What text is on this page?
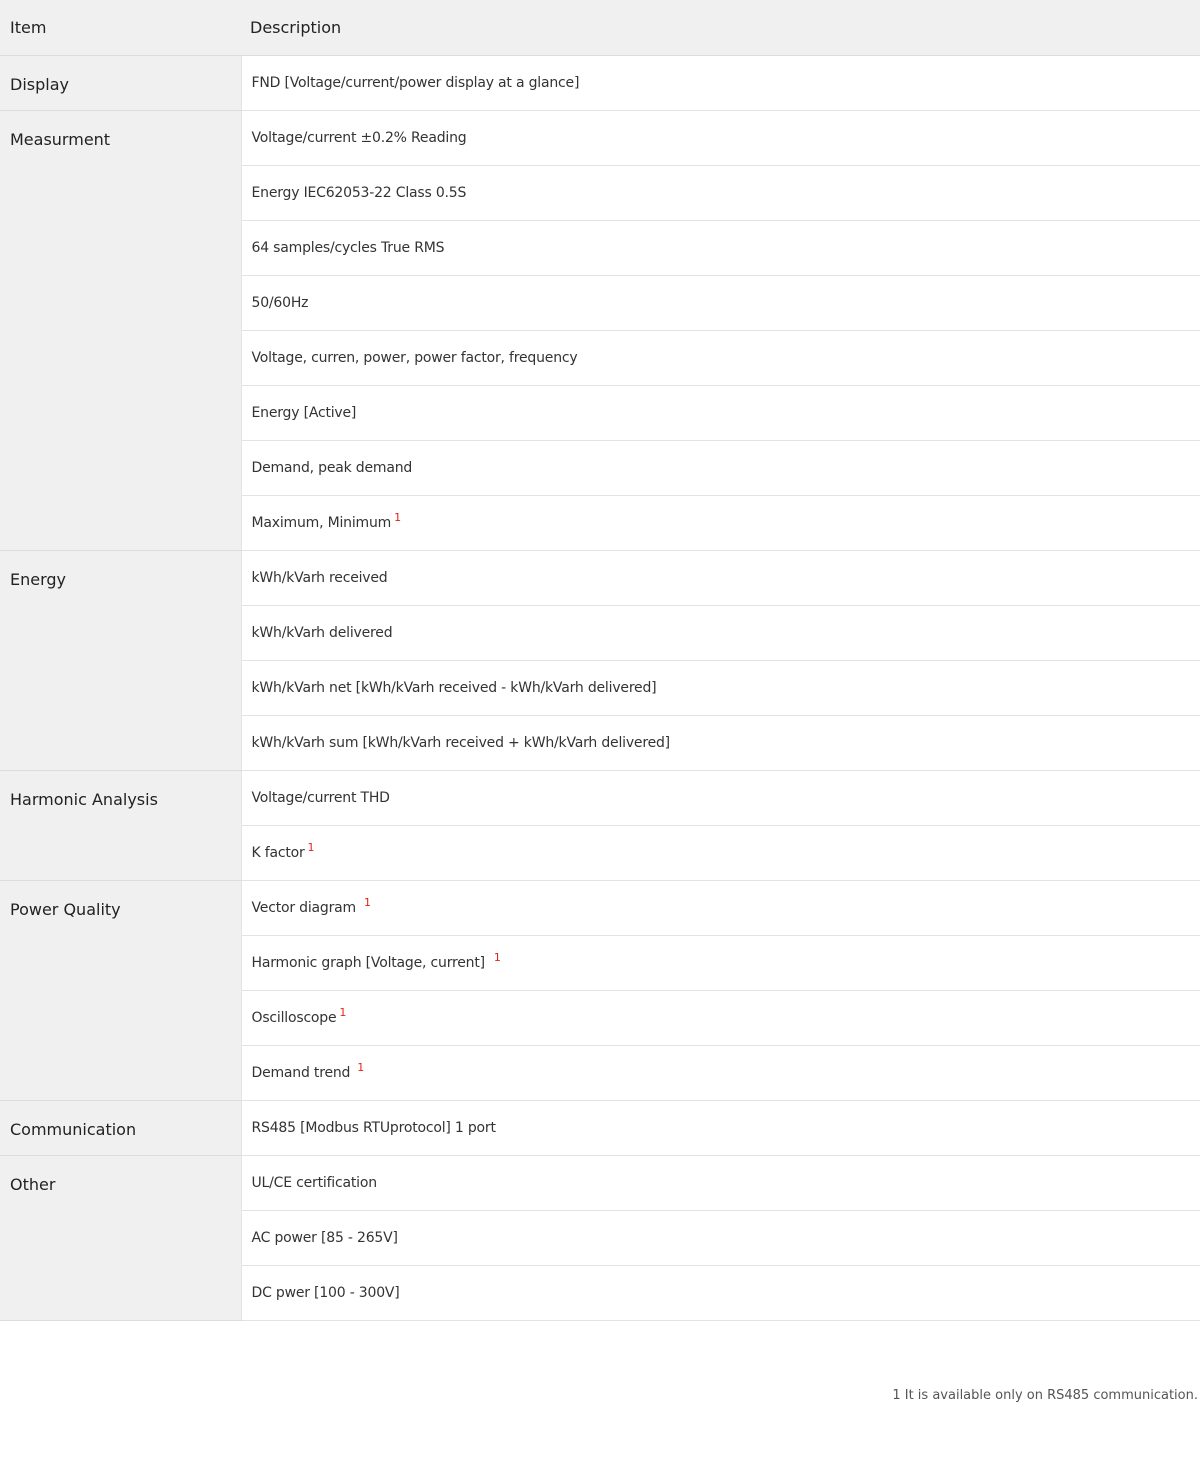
Item	Description
Display	FND [Voltage/current/power display at a glance]
Measurment	Voltage/current ±0.2% Reading
	Energy IEC62053-22 Class 0.5S
	64 samples/cycles True RMS
	50/60Hz
	Voltage, curren, power, power factor, frequency
	Energy [Active]
	Demand, peak demand
	Maximum, Minimum $^1$
Energy	kWh/kVarh received
	kWh/kVarh delivered
	kWh/kVarh net [kWh/kVarh received - kWh/kVarh delivered]
	kWh/kVarh sum [kWh/kVarh received + kWh/kVarh delivered]
Harmonic Analysis	Voltage/current THD
	K factor $^1$
Power Quality	Vector diagram $^1$
	Harmonic graph [Voltage, current] $^1$
	Oscilloscope $^1$
	Demand trend $^1$
Communication	RS485 [Modbus RTUprotocol] 1 port
Other	UL/CE certification
	AC power [85 - 265V]
	DC pwer [100 - 300V]
1 It is available only on RS485 communication.
